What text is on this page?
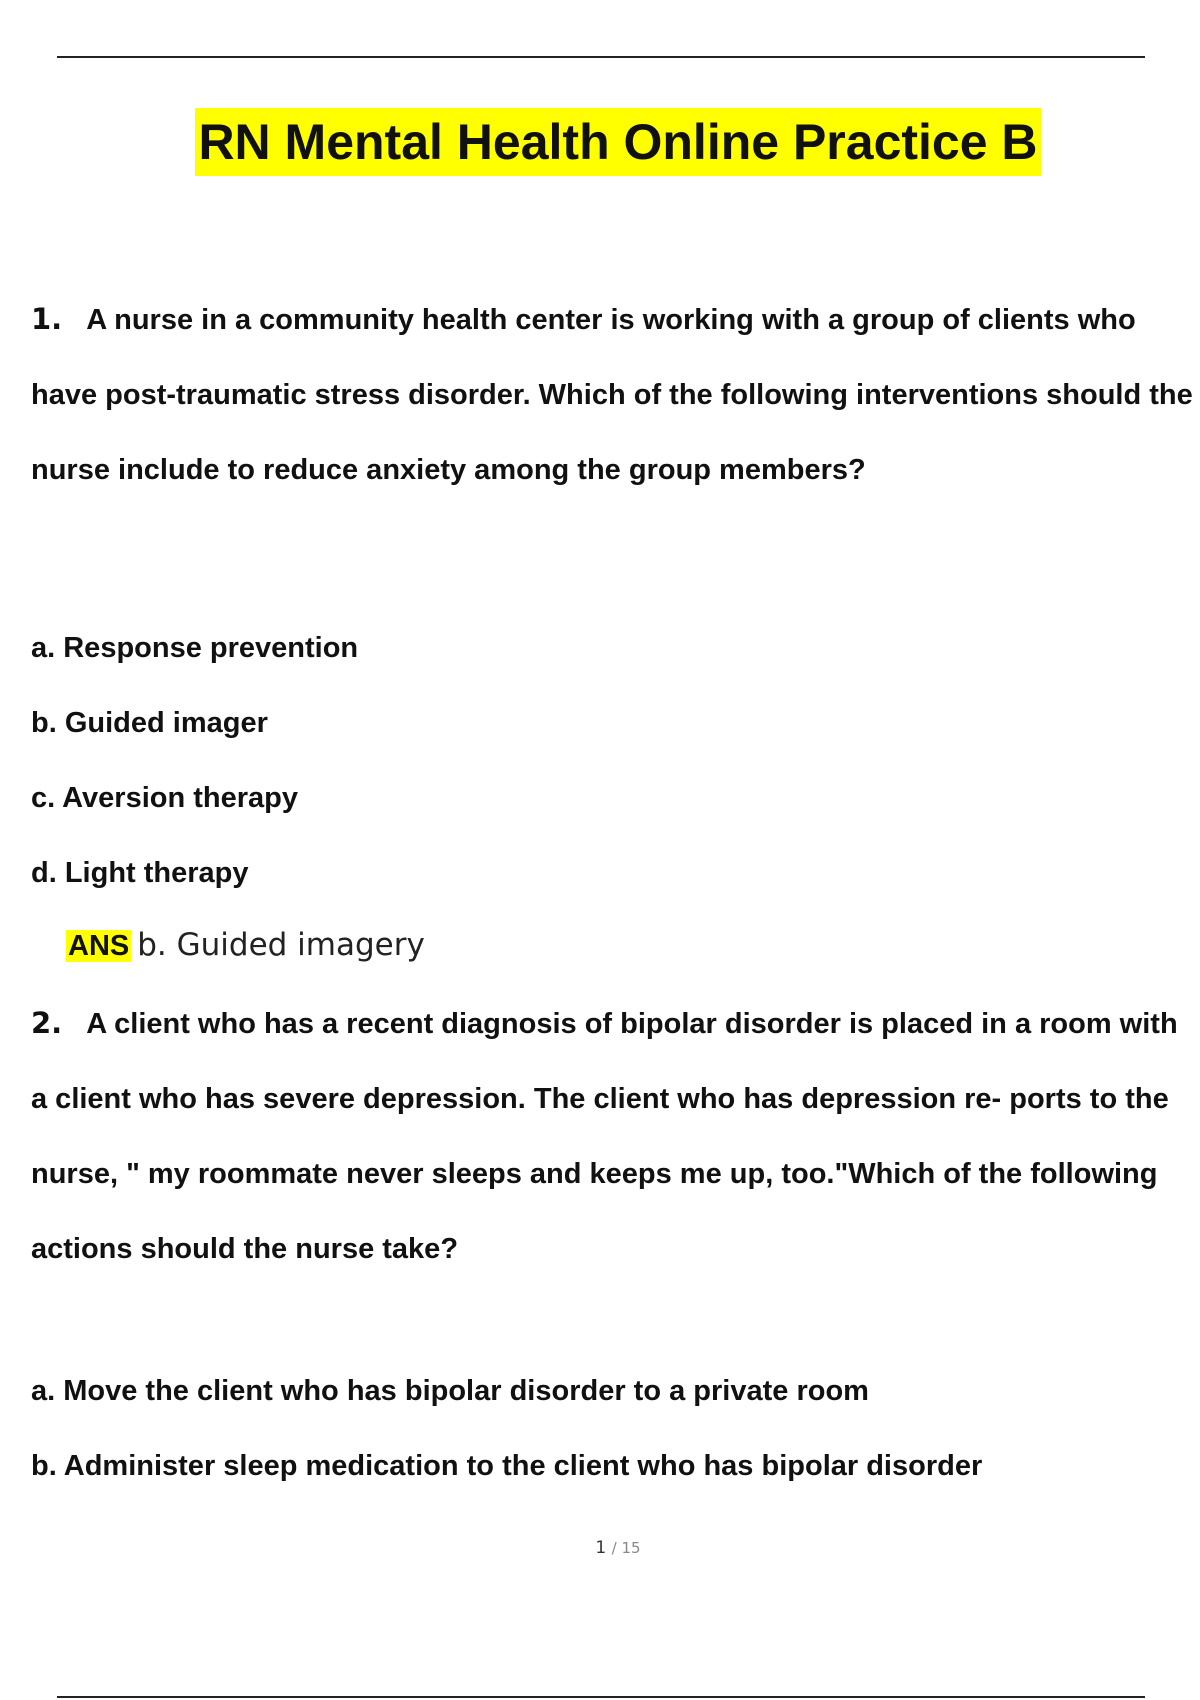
RN Mental Health Online Practice B
1. A nurse in a community health center is working with a group of clients who have post-traumatic stress disorder. Which of the following interventions should the nurse include to reduce anxiety among the group members?
a. Response prevention
b. Guided imager
c. Aversion therapy
d. Light therapy
ANS b. Guided imagery
2. A client who has a recent diagnosis of bipolar disorder is placed in a room with a client who has severe depression. The client who has depression re- ports to the nurse, " my roommate never sleeps and keeps me up, too."Which of the following actions should the nurse take?
a. Move the client who has bipolar disorder to a private room
b. Administer sleep medication to the client who has bipolar disorder
1 / 15
